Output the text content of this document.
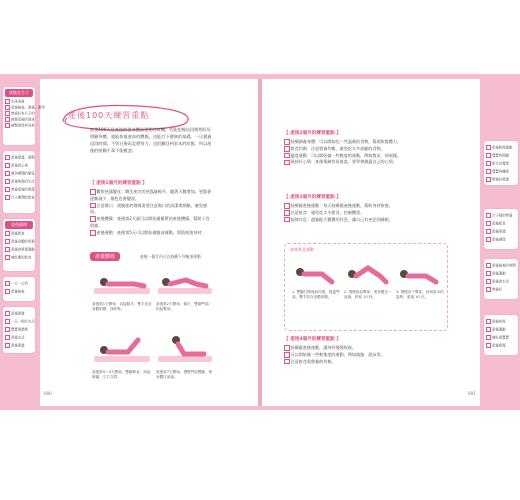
產後坐月子
生產前後
產後檢查、裝備、避孕
準備好坐月子的
調養產後的環境
調整與保持身材
產後照護、面膜
產後的心事
懷孕期間的變化
產後恢復的生活
準備產後的照護
月子期間的飲食
產後調理
產後飲食
產後身體的保養
產後的修復運動
哺乳期的飲食
一天一口奶
產後檢查
產後保健
一天一個月生活
寶寶與媽媽
產後生活
產後保健
產後修復運動
寶寶的照顧
新生兒護理
寶寶的睡眠
準備好照護
月子餐的準備
產後飲食
產後保健
產後調理
產後檢查的時間
產後運動
產後的生活
準備好
產後恢復
產後運動
哺乳與寶寶
產後照護
產後100天練習重點
產後100天是產後修復身體最重要的時機，若能把握這段期間好好照顧身體，就能恢復產前的體態。也能打下健康的基礎。一旦錯過這段時間，不管日後再怎麼努力，也很難回到原本的狀態，所以產後的照顧千萬不能輕忽。
【 產後1個月的練習重點 】
觀察惡露變化：剛生產完的惡露量較多，隨著天數增加，惡露會逐漸減少，顏色也會變淡。
注意傷口：剖腹產的媽媽需要注意傷口的清潔與照顧，避免感染。
產後體操：產後第2天就可以開始做簡單的產後體操，幫助子宮收縮。
產後運動：產後第5天可以開始做腹部運動，幫助恢復身材。
產後體操	產後一個月內可以持續下列幾項運動
產後第1天開始，直接躺平，雙手放在身體兩側，深呼吸。
產後第2天開始，躺平，雙腳彎曲，抬起臀部。
產後第4～5天開始，雙腳伸直，抬起單腳，左右交替。
產後第7天開始，慢慢彎曲雙腳，使身體往前傾。
【 產後2個月的練習重點 】
持續調養身體：可以開始吃一些溫補的食物，幫助恢復體力。
飲食均衡：注意營養均衡，避免吃太多油膩的食物。
適度運動：可以開始做一些輕度的運動，例如散步、伸展操。
保持好心情：產後情緒容易低落，要學會調適自己的心情。
【 產後3個月的練習重點 】
持續做產後運動：每天持續做產後運動，幫助身材恢復。
注意飲食：避免吃太多甜食，控制體重。
規律作息：盡量配合寶寶的作息，讓自己有充足的睡眠。
產後骨盆運動
1. 雙腳打開與肩同寬，膝蓋彎曲，雙手放在身體兩側。
2. 慢慢抬起臀部，使身體呈一直線，停留 10 秒。
3. 慢慢放下臀部，回到原本的姿勢，重複 10 次。
【 產後4個月的練習重點 】
持續做產後運動，讓身材慢慢恢復。
可以開始做一些較強度的運動，例如瑜伽、游泳等。
注意飲食與營養的均衡。
090	091
